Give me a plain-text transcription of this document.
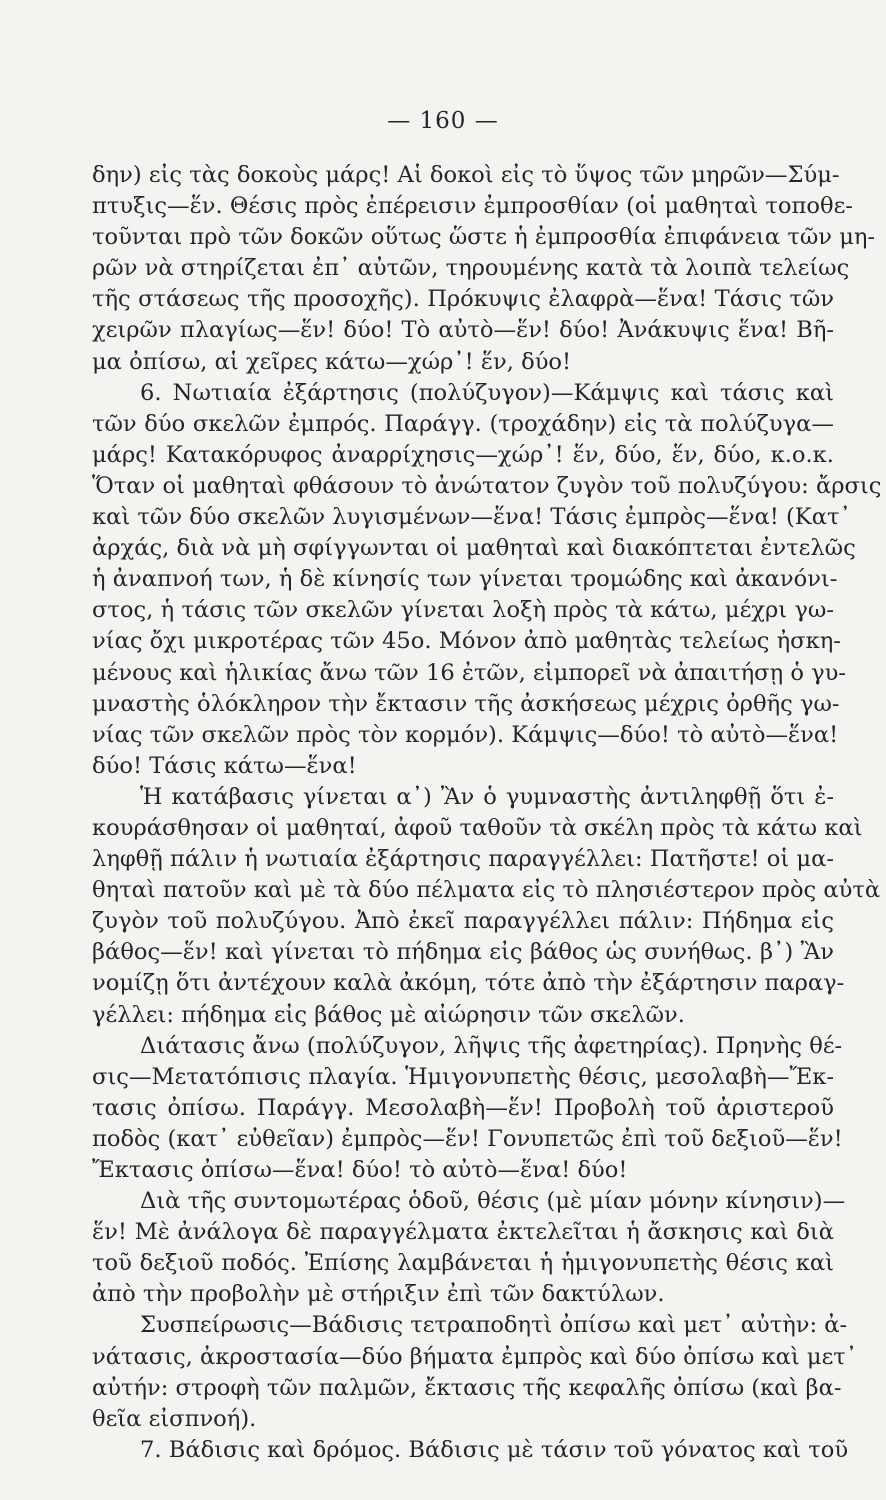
— 160 —
δην) εἰς τὰς δοκοὺς μάρς! Αἱ δοκοὶ εἰς τὸ ὕψος τῶν μηρῶν—Σύμ-
πτυξις—ἕν. Θέσις πρὸς ἐπέρεισιν ἐμπροσθίαν (οἱ μαθηταὶ τοποθε-
τοῦνται πρὸ τῶν δοκῶν οὕτως ὥστε ἡ ἐμπροσθία ἐπιφάνεια τῶν μη-
ρῶν νὰ στηρίζεται ἐπ᾽ αὐτῶν, τηρουμένης κατὰ τὰ λοιπὰ τελείως
τῆς στάσεως τῆς προσοχῆς). Πρόκυψις ἐλαφρὰ—ἕνα! Τάσις τῶν
χειρῶν πλαγίως—ἕν! δύο! Τὸ αὐτὸ—ἕν! δύο! Ἀνάκυψις ἕνα! Βῆ-
μα ὀπίσω, αἱ χεῖρες κάτω—χώρ᾽! ἕν, δύο!
6. Νωτιαία ἐξάρτησις (πολύζυγον)—Κάμψις καὶ τάσις καὶ
τῶν δύο σκελῶν ἐμπρός. Παράγγ. (τροχάδην) εἰς τὰ πολύζυγα—
μάρς! Κατακόρυφος ἀναρρίχησις—χώρ᾽! ἕν, δύο, ἕν, δύο, κ.ο.κ.
Ὅταν οἱ μαθηταὶ φθάσουν τὸ ἀνώτατον ζυγὸν τοῦ πολυζύγου: ἄρσις
καὶ τῶν δύο σκελῶν λυγισμένων—ἕνα! Τάσις ἐμπρὸς—ἕνα! (Κατ᾽
ἀρχάς, διὰ νὰ μὴ σφίγγωνται οἱ μαθηταὶ καὶ διακόπτεται ἐντελῶς
ἡ ἀναπνοή των, ἡ δὲ κίνησίς των γίνεται τρομώδης καὶ ἀκανόνι-
στος, ἡ τάσις τῶν σκελῶν γίνεται λοξὴ πρὸς τὰ κάτω, μέχρι γω-
νίας ὄχι μικροτέρας τῶν 45ο. Μόνον ἀπὸ μαθητὰς τελείως ἠσκη-
μένους καὶ ἡλικίας ἄνω τῶν 16 ἐτῶν, εἰμπορεῖ νὰ ἀπαιτήσῃ ὁ γυ-
μναστὴς ὁλόκληρον τὴν ἔκτασιν τῆς ἀσκήσεως μέχρις ὀρθῆς γω-
νίας τῶν σκελῶν πρὸς τὸν κορμόν). Κάμψις—δύο! τὸ αὐτὸ—ἕνα!
δύο! Τάσις κάτω—ἕνα!
Ἡ κατάβασις γίνεται α᾽) Ἂν ὁ γυμναστὴς ἀντιληφθῇ ὅτι ἐ-
κουράσθησαν οἱ μαθηταί, ἀφοῦ ταθοῦν τὰ σκέλη πρὸς τὰ κάτω καὶ
ληφθῇ πάλιν ἡ νωτιαία ἐξάρτησις παραγγέλλει: Πατῆστε! οἱ μα-
θηταὶ πατοῦν καὶ μὲ τὰ δύο πέλματα εἰς τὸ πλησιέστερον πρὸς αὐτὰ
ζυγὸν τοῦ πολυζύγου. Ἀπὸ ἐκεῖ παραγγέλλει πάλιν: Πήδημα εἰς
βάθος—ἕν! καὶ γίνεται τὸ πήδημα εἰς βάθος ὡς συνήθως. β᾽) Ἂν
νομίζῃ ὅτι ἀντέχουν καλὰ ἀκόμη, τότε ἀπὸ τὴν ἐξάρτησιν παραγ-
γέλλει: πήδημα εἰς βάθος μὲ αἰώρησιν τῶν σκελῶν.
Διάτασις ἄνω (πολύζυγον, λῆψις τῆς ἀφετηρίας). Πρηνὴς θέ-
σις—Μετατόπισις πλαγία. Ἡμιγονυπετὴς θέσις, μεσολαβὴ—Ἔκ-
τασις ὀπίσω. Παράγγ. Μεσολαβὴ—ἕν! Προβολὴ τοῦ ἀριστεροῦ
ποδὸς (κατ᾽ εὐθεῖαν) ἐμπρὸς—ἕν! Γονυπετῶς ἐπὶ τοῦ δεξιοῦ—ἕν!
Ἔκτασις ὀπίσω—ἕνα! δύο! τὸ αὐτὸ—ἕνα! δύο!
Διὰ τῆς συντομωτέρας ὁδοῦ, θέσις (μὲ μίαν μόνην κίνησιν)—
ἕν! Μὲ ἀνάλογα δὲ παραγγέλματα ἐκτελεῖται ἡ ἄσκησις καὶ διὰ
τοῦ δεξιοῦ ποδός. Ἐπίσης λαμβάνεται ἡ ἡμιγονυπετὴς θέσις καὶ
ἀπὸ τὴν προβολὴν μὲ στήριξιν ἐπὶ τῶν δακτύλων.
Συσπείρωσις—Βάδισις τετραποδητὶ ὀπίσω καὶ μετ᾽ αὐτὴν: ἀ-
νάτασις, ἀκροστασία—δύο βήματα ἐμπρὸς καὶ δύο ὀπίσω καὶ μετ᾽
αὐτήν: στροφὴ τῶν παλμῶν, ἔκτασις τῆς κεφαλῆς ὀπίσω (καὶ βα-
θεῖα εἰσπνοή).
7. Βάδισις καὶ δρόμος. Βάδισις μὲ τάσιν τοῦ γόνατος καὶ τοῦ
